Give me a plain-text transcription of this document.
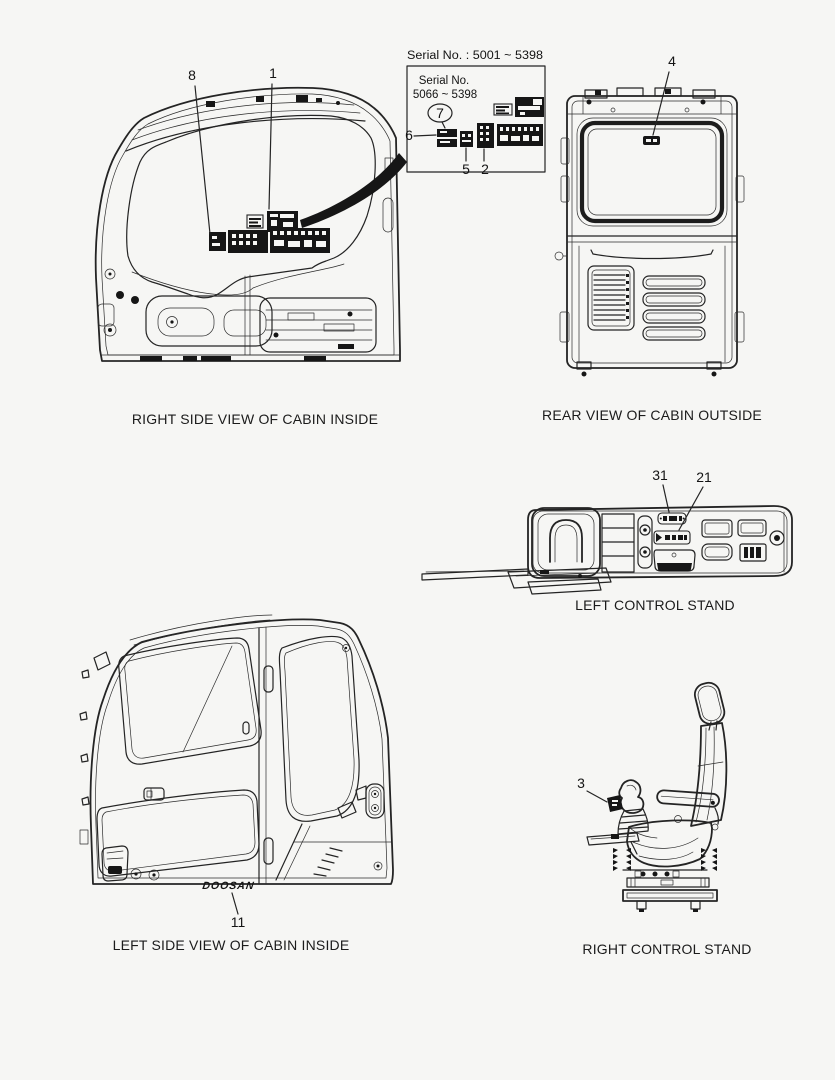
8	1
RIGHT SIDE VIEW OF CABIN INSIDE
Serial No. : 5001 ~ 5398
Serial No.
5066 ~ 5398
7
6
5 2
4
REAR VIEW OF CABIN OUTSIDE
31 21
LEFT CONTROL STAND
DOOSAN
11
LEFT SIDE VIEW OF CABIN INSIDE
3
RIGHT CONTROL STAND
